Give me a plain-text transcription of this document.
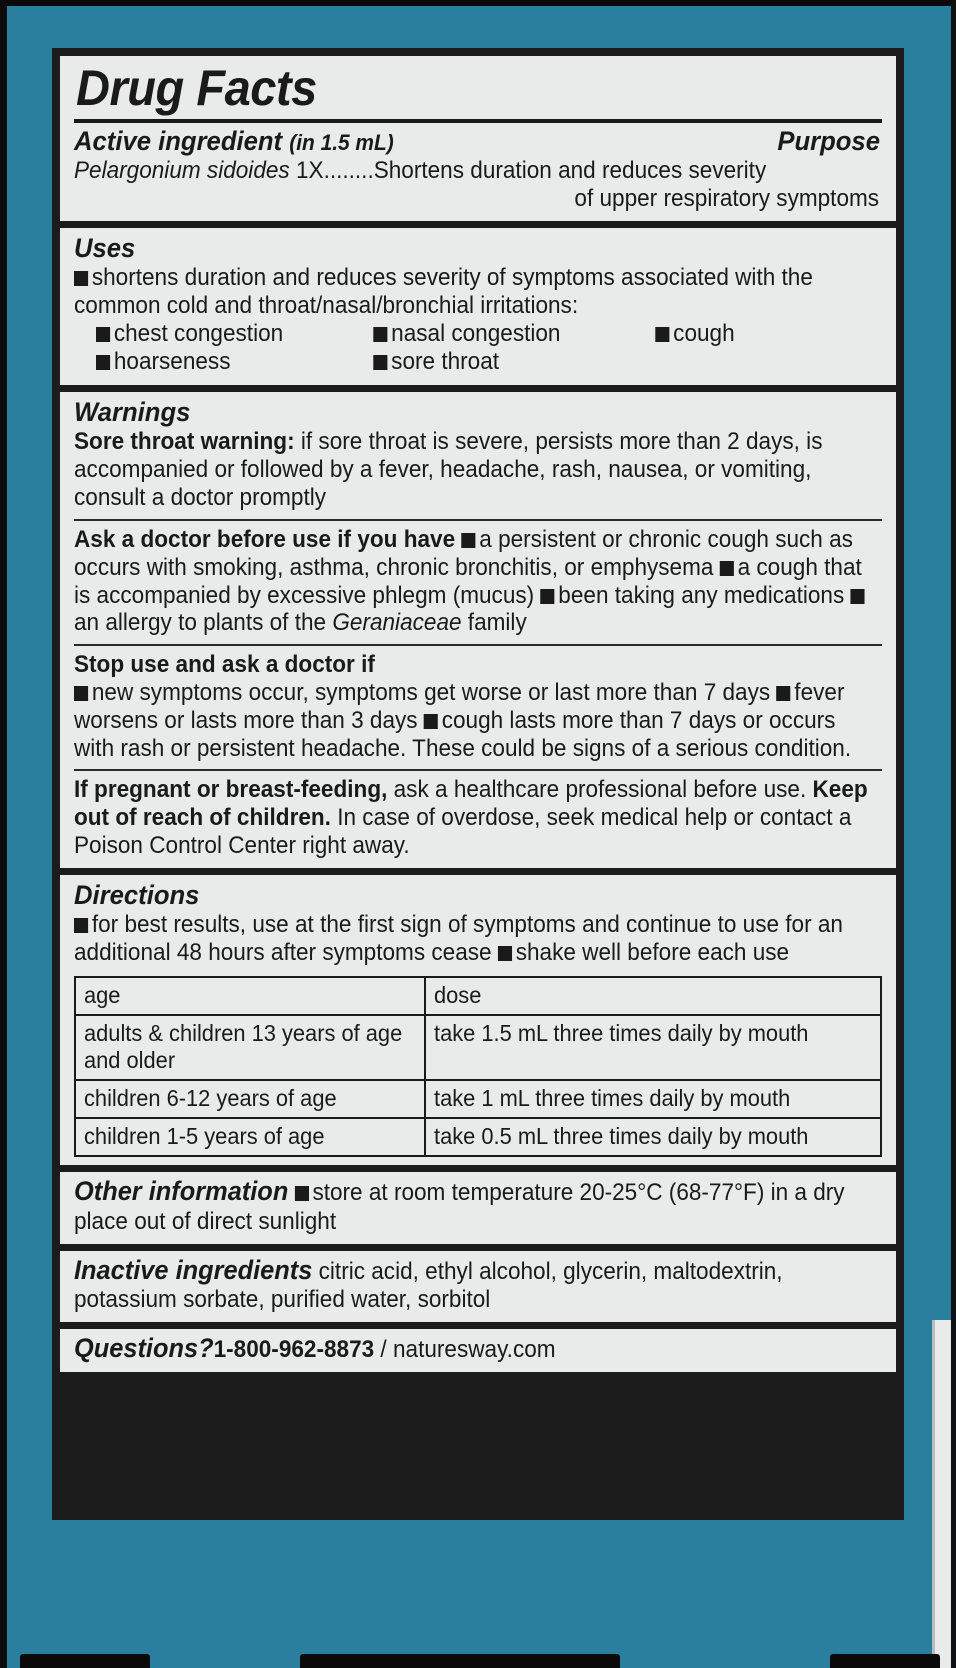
Drug Facts
Active ingredient (in 1.5 mL)	Purpose
Pelargonium sidoides 1X........Shortens duration and reduces severity
of upper respiratory symptoms
Uses
shortens duration and reduces severity of symptoms associated with the common cold and throat/nasal/bronchial irritations:
chest congestion	nasal congestion	cough
hoarseness	sore throat
Warnings
Sore throat warning: if sore throat is severe, persists more than 2 days, is accompanied or followed by a fever, headache, rash, nausea, or vomiting, consult a doctor promptly
Ask a doctor before use if you have a persistent or chronic cough such as occurs with smoking, asthma, chronic bronchitis, or emphysema a cough that is accompanied by excessive phlegm (mucus) been taking any medications an allergy to plants of the Geraniaceae family
Stop use and ask a doctor if
new symptoms occur, symptoms get worse or last more than 7 days fever worsens or lasts more than 3 days cough lasts more than 7 days or occurs with rash or persistent headache. These could be signs of a serious condition.
If pregnant or breast-feeding, ask a healthcare professional before use. Keep out of reach of children. In case of overdose, seek medical help or contact a Poison Control Center right away.
Directions
for best results, use at the first sign of symptoms and continue to use for an additional 48 hours after symptoms cease shake well before each use
age	dose

adults & children 13 years of age and older	take 1.5 mL three times daily by mouth

children 6-12 years of age	take 1 mL three times daily by mouth

children 1-5 years of age	take 0.5 mL three times daily by mouth
Other information store at room temperature 20-25°C (68-77°F) in a dry place out of direct sunlight
Inactive ingredients citric acid, ethyl alcohol, glycerin, maltodextrin, potassium sorbate, purified water, sorbitol
Questions?1-800-962-8873 / naturesway.com
